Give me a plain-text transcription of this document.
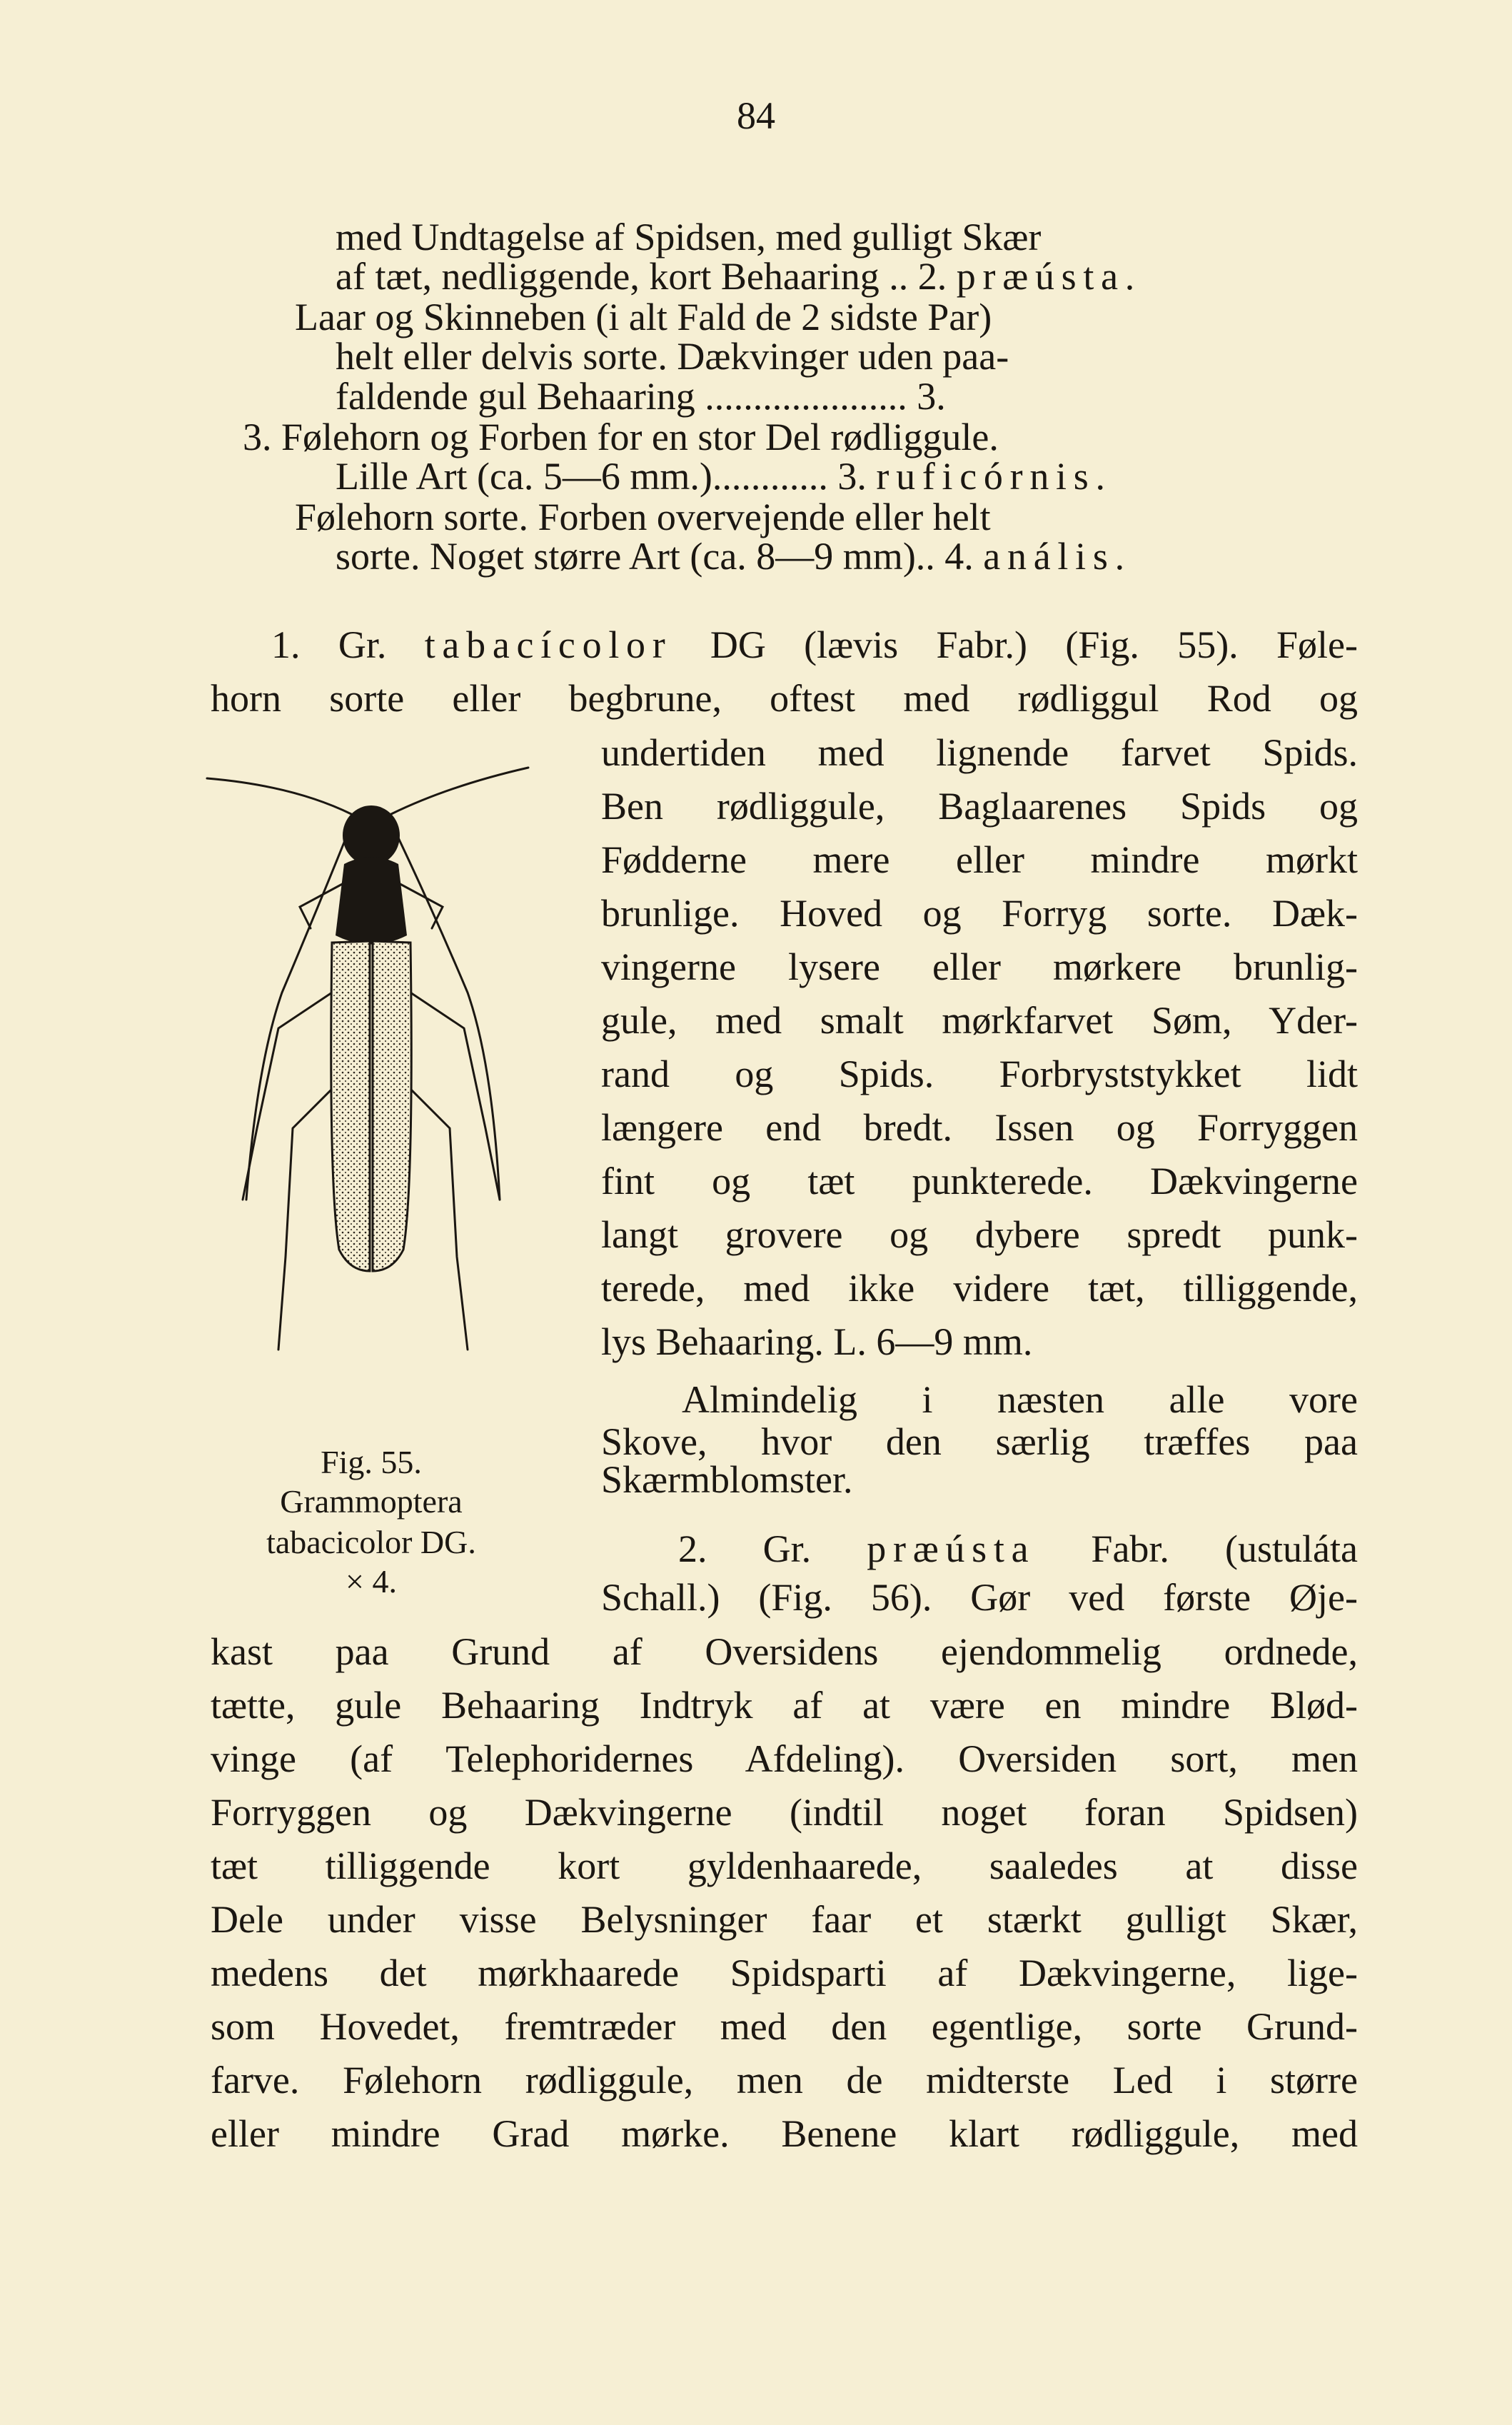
84
med Undtagelse af Spidsen, med gulligt Skær
af tæt, nedliggende, kort Behaaring .. 2. præústa.
Laar og Skinneben (i alt Fald de 2 sidste Par)
helt eller delvis sorte. Dækvinger uden paa-
faldende gul Behaaring ..................... 3.
3. Følehorn og Forben for en stor Del rødliggule.
Lille Art (ca. 5—6 mm.)............ 3. ruficórnis.
Følehorn sorte. Forben overvejende eller helt
sorte. Noget større Art (ca. 8—9 mm).. 4. anális.
1. Gr. tabacícolor DG (lævis Fabr.) (Fig. 55). Føle-
horn sorte eller begbrune, oftest med rødliggul Rod og
undertiden med lignende farvet Spids.
Ben rødliggule, Baglaarenes Spids og
Fødderne mere eller mindre mørkt
brunlige. Hoved og Forryg sorte. Dæk-
vingerne lysere eller mørkere brunlig-
gule, med smalt mørkfarvet Søm, Yder-
rand og Spids. Forbryststykket lidt
længere end bredt. Issen og Forryggen
fint og tæt punkterede. Dækvingerne
langt grovere og dybere spredt punk-
terede, med ikke videre tæt, tilliggende,
lys Behaaring. L. 6—9 mm.
Almindelig i næsten alle vore
Skove, hvor den særlig træffes paa
Skærmblomster.
2. Gr. præústa Fabr. (ustuláta
Schall.) (Fig. 56). Gør ved første Øje-
kast paa Grund af Oversidens ejendommelig ordnede,
tætte, gule Behaaring Indtryk af at være en mindre Blød-
vinge (af Telephoridernes Afdeling). Oversiden sort, men
Forryggen og Dækvingerne (indtil noget foran Spidsen)
tæt tilliggende kort gyldenhaarede, saaledes at disse
Dele under visse Belysninger faar et stærkt gulligt Skær,
medens det mørkhaarede Spidsparti af Dækvingerne, lige-
som Hovedet, fremtræder med den egentlige, sorte Grund-
farve. Følehorn rødliggule, men de midterste Led i større
eller mindre Grad mørke. Benene klart rødliggule, med
Fig. 55.
Grammoptera
tabacicolor DG.
× 4.
